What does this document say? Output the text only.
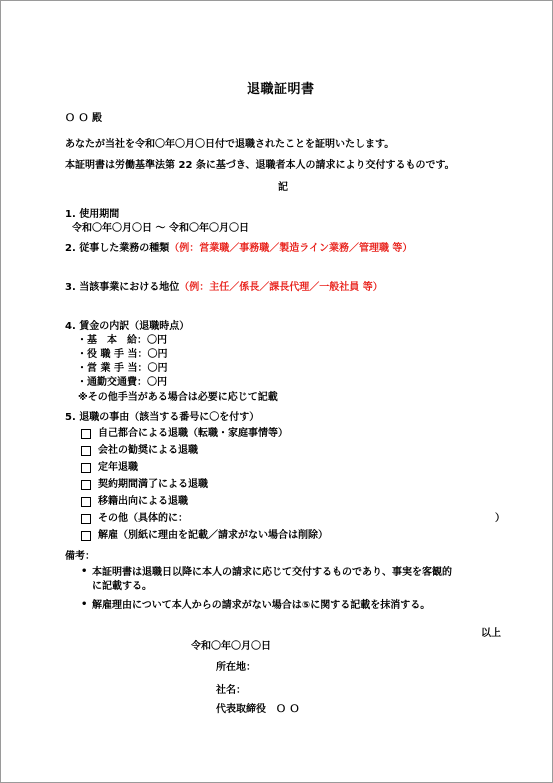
退職証明書
Ｏ Ｏ 殿
あなたが当社を令和〇年〇月〇日付で退職されたことを証明いたします。
本証明書は労働基準法第 22 条に基づき、退職者本人の請求により交付するものです。
記
1. 使用期間
令和〇年〇月〇日 ～ 令和〇年〇月〇日
2. 従事した業務の種類（例：営業職／事務職／製造ライン業務／管理職 等）
3. 当該事業における地位（例：主任／係長／課長代理／一般社員 等）
4. 賃金の内訳（退職時点）
・基　本　給：〇円
・役 職 手 当：〇円
・営 業 手 当：〇円
・通勤交通費：〇円
※その他手当がある場合は必要に応じて記載
5. 退職の事由（該当する番号に〇を付す）
自己都合による退職（転職・家庭事情等）
会社の勧奨による退職
定年退職
契約期間満了による退職
移籍出向による退職
その他（具体的に：	）
解雇（別紙に理由を記載／請求がない場合は削除）
備考：
• 本証明書は退職日以降に本人の請求に応じて交付するものであり、事実を客観的
に記載する。
• 解雇理由について本人からの請求がない場合は⑤に関する記載を抹消する。
以上
令和〇年〇月〇日
所在地：
社名：
代表取締役　Ｏ Ｏ
